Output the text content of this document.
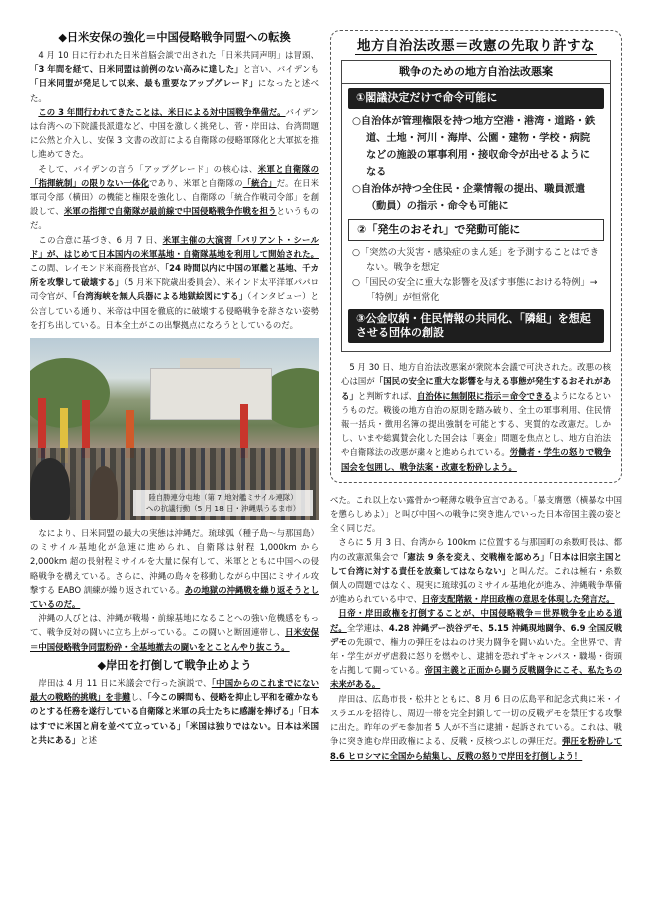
◆日米安保の強化＝中国侵略戦争同盟への転換

4 月 10 日に行われた日米首脳会談で出された「日米共同声明」は冒頭、「3 年間を経て、日米同盟は前例のない高みに達した」と言い、バイデンも「日米同盟が発足して以来、最も重要なアップグレード」になったと述べた。

この 3 年間行われてきたことは、米日による対中国戦争準備だ。バイデンは台湾への下院議長派遣など、中国を激しく挑発し、菅・岸田は、台湾問題に公然と介入し、安保 3 文書の改訂による自衛隊の侵略軍隊化と大軍拡を推し進めてきた。

そして、バイデンの言う「アップグレード」の核心は、米軍と自衛隊の「指揮統制」の限りない一体化であり、米軍と自衛隊の「統合」だ。在日米軍司令部（横田）の機能と権限を強化し、自衛隊の「統合作戦司令部」を創設して、米軍の指揮で自衛隊が最前線で中国侵略戦争作戦を担うというものだ。

この合意に基づき、6 月 7 日、米軍主催の大演習「バリアント・シールド」が、はじめて日本国内の米軍基地・自衛隊基地を利用して開始された。この間、レイモンド米商務長官が、「24 時間以内に中国の軍艦と基地、千カ所を攻撃して破壊する」（5 月米下院歳出委員会）、米インド太平洋軍パパロ司令官が、「台湾海峡を無人兵器による地獄絵図にする」（インタビュー）と公言している通り、米帝は中国を徹底的に破壊する侵略戦争を辞さない姿勢を打ち出している。日本全土がこの出撃拠点になろうとしているのだ。

陸自勝連分屯地（第 7 地対艦ミサイル連隊）
への抗議行動（5 月 18 日・沖縄県うるま市）

なにより、日米同盟の最大の実態は沖縄だ。琉球弧（種子島～与那国島）のミサイル基地化が急速に進められ、自衛隊は射程 1,000km から 2,000km 超の長射程ミサイルを大量に保有して、米軍とともに中国への侵略戦争を構えている。さらに、沖縄の島々を移動しながら中国にミサイル攻撃する EABO 訓練が繰り返されている。あの地獄の沖縄戦を繰り返そうとしているのだ。

沖縄の人びとは、沖縄が戦場・前線基地になることへの強い危機感をもって、戦争反対の闘いに立ち上がっている。この闘いと断固連帯し、日米安保＝中国侵略戦争同盟粉砕・全基地撤去の闘いをとことんやり抜こう。

◆岸田を打倒して戦争止めよう

岸田は 4 月 11 日に米議会で行った演説で、「中国からのこれまでにない最大の戦略的挑戦」を非難し、「今この瞬間も、侵略を抑止し平和を確かなものとする任務を遂行している自衛隊と米軍の兵士たちに感謝を捧げる」「日本はすでに米国と肩を並べて立っている」「米国は独りではない。日本は米国と共にある」と述

地方自治法改悪＝改憲の先取り許すな
戦争のための地方自治法改悪案
①閣議決定だけで命令可能に
○自治体が管理権限を持つ地方空港・港湾・道路・鉄道、土地・河川・海岸、公園・建物・学校・病院などの施設の軍事利用・接収命令が出せるようになる
○自治体が持つ全住民・企業情報の提出、職員派遣（動員）の指示・命令も可能に
②「発生のおそれ」で発動可能に
○「突然の大災害・感染症のまん延」を予測することはできない。戦争を想定
○「国民の安全に重大な影響を及ぼす事態における特例」→「特例」が恒常化
③公金収納・住民情報の共同化、「隣組」を想起させる団体の創設

5 月 30 日、地方自治法改悪案が衆院本会議で可決された。改悪の核心は国が「国民の安全に重大な影響を与える事態が発生するおそれがある」と判断すれば、自治体に無制限に指示＝命令できるようになるというものだ。戦後の地方自治の原則を踏み破り、全土の軍事利用、住民情報一括兵・徴用名簿の提出強制を可能とする、実質的な改憲だ。しかし、いまや総翼賛会化した国会は「裏金」問題を焦点とし、地方自治法や自衛隊法の改悪が粛々と進められている。労働者・学生の怒りで戦争国会を包囲し、戦争法案・改憲を粉砕しよう。

べた。これ以上ない露骨かつ軽薄な戦争宣言である。「暴支膺懲（横暴な中国を懲らしめよ）」と叫び中国への戦争に突き進んでいった日本帝国主義の姿と全く同じだ。

さらに 5 月 3 日、台湾から 100km に位置する与那国町の糸数町長は、都内の改憲派集会で「憲法 9 条を変え、交戦権を認めろ」「日本は旧宗主国として台湾に対する責任を放棄してはならない」と叫んだ。これは極右・糸数個人の問題ではなく、現実に琉球弧のミサイル基地化が進み、沖縄戦争準備が進められている中で、日帝支配階級・岸田政権の意思を体現した発言だ。

日帝・岸田政権を打倒することが、中国侵略戦争＝世界戦争を止める道だ。全学連は、4.28 沖縄デー渋谷デモ、5.15 沖縄現地闘争、6.9 全国反戦デモの先頭で、権力の弾圧をはねのけ実力闘争を闘いぬいた。全世界で、青年・学生がガザ虐殺に怒りを燃やし、逮捕を恐れずキャンパス・職場・街頭を占拠して闘っている。帝国主義と正面から闘う反戦闘争にこそ、私たちの未来がある。

岸田は、広島市長・松井とともに、8 月 6 日の広島平和記念式典に米・イスラエルを招待し、周辺一帯を完全封鎖して一切の反戦デモを禁圧する攻撃に出た。昨年のデモ参加者 5 人が不当に逮捕・起訴されている。これは、戦争に突き進む岸田政権による、反戦・反核つぶしの弾圧だ。弾圧を粉砕して 8.6 ヒロシマに全国から結集し、反戦の怒りで岸田を打倒しよう！
